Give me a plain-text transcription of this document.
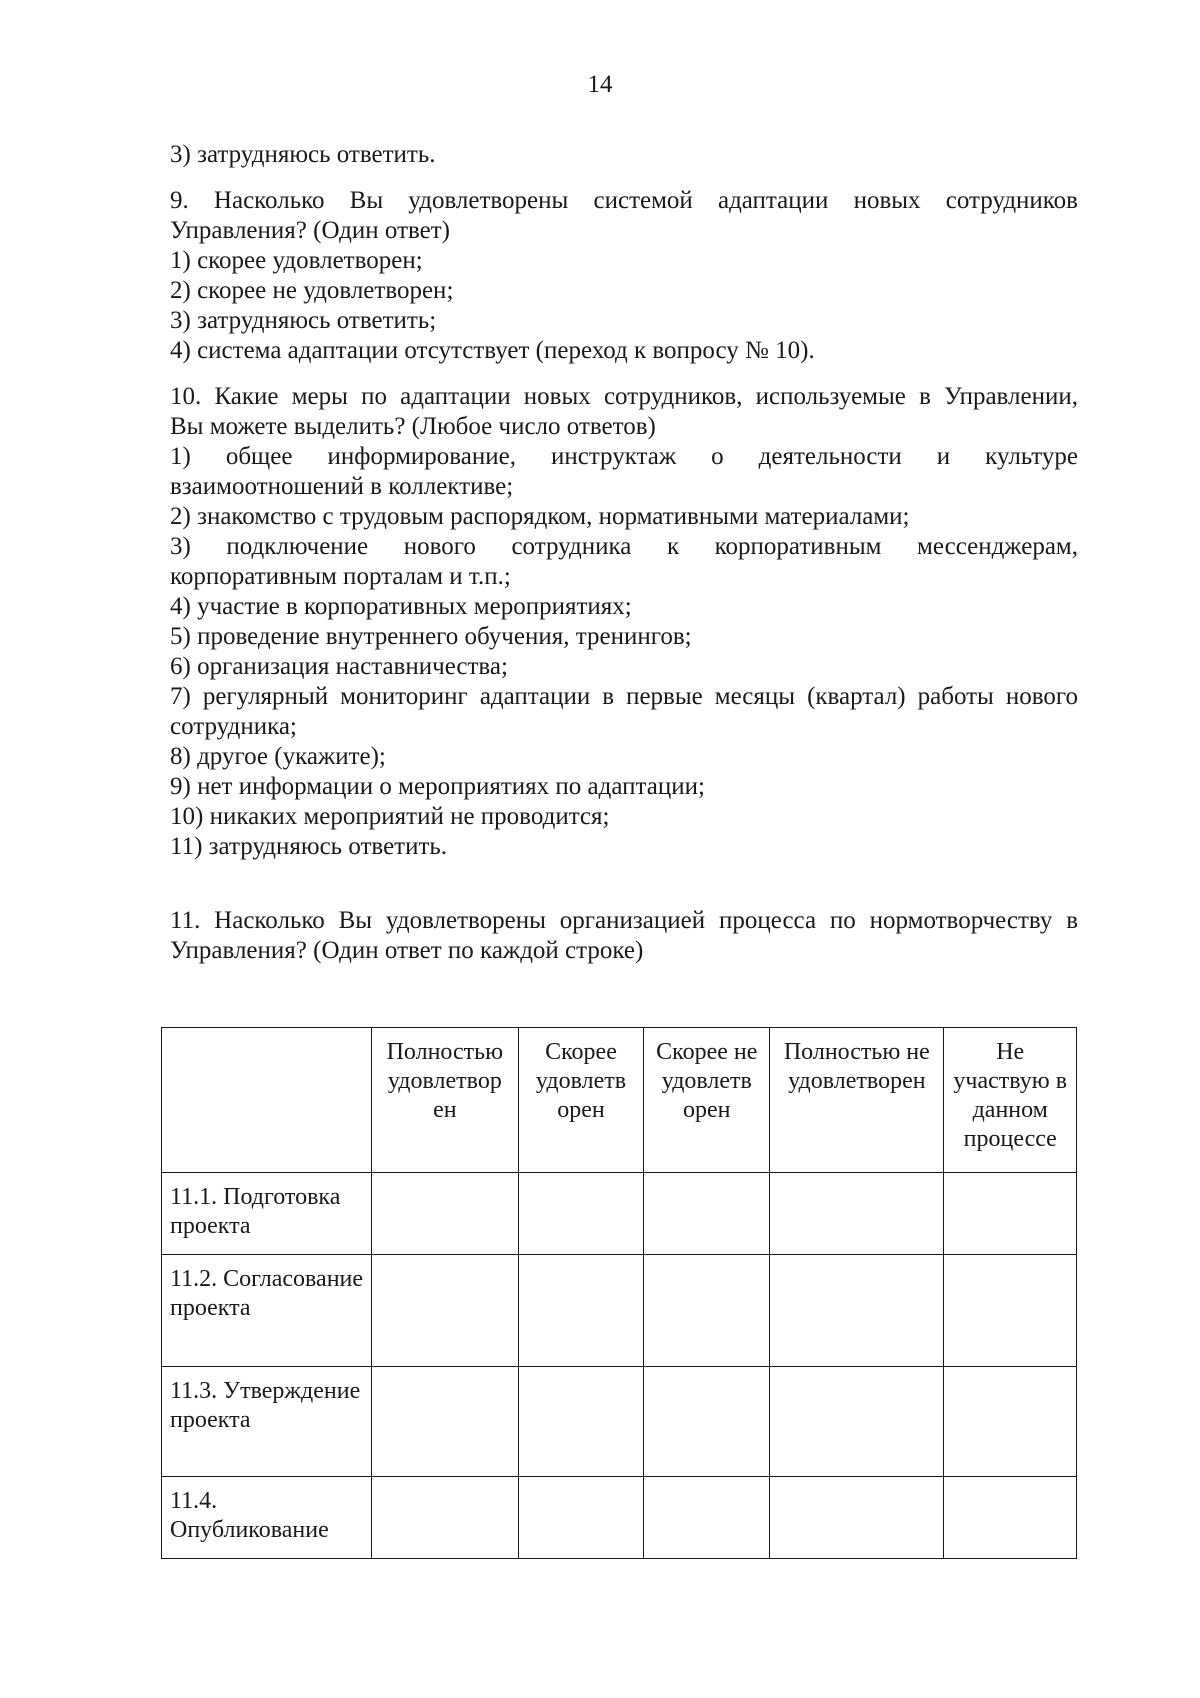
14

3) затрудняюсь ответить.

9. Насколько Вы удовлетворены системой адаптации новых сотрудников

Управления? (Один ответ)

1) скорее удовлетворен;

2) скорее не удовлетворен;

3) затрудняюсь ответить;

4) система адаптации отсутствует (переход к вопросу № 10).

10. Какие меры по адаптации новых сотрудников, используемые в Управлении,

Вы можете выделить? (Любое число ответов)

1) общее информирование, инструктаж о деятельности и культуре

взаимоотношений в коллективе;

2) знакомство с трудовым распорядком, нормативными материалами;

3) подключение нового сотрудника к корпоративным мессенджерам,

корпоративным порталам и т.п.;

4) участие в корпоративных мероприятиях;

5) проведение внутреннего обучения, тренингов;

6) организация наставничества;

7) регулярный мониторинг адаптации в первые месяцы (квартал) работы нового

сотрудника;

8) другое (укажите);

9) нет информации о мероприятиях по адаптации;

10) никаких мероприятий не проводится;

11) затрудняюсь ответить.

11. Насколько Вы удовлетворены организацией процесса по нормотворчеству в

Управления? (Один ответ по каждой строке)

	Полностью удовлетвор ен	Скорее удовлетв орен	Скорее не удовлетв орен	Полностью не удовлетворен	Не участвую в данном процессе
11.1. Подготовка проекта					
11.2. Согласование проекта					
11.3. Утверждение проекта					
11.4. Опубликование					
